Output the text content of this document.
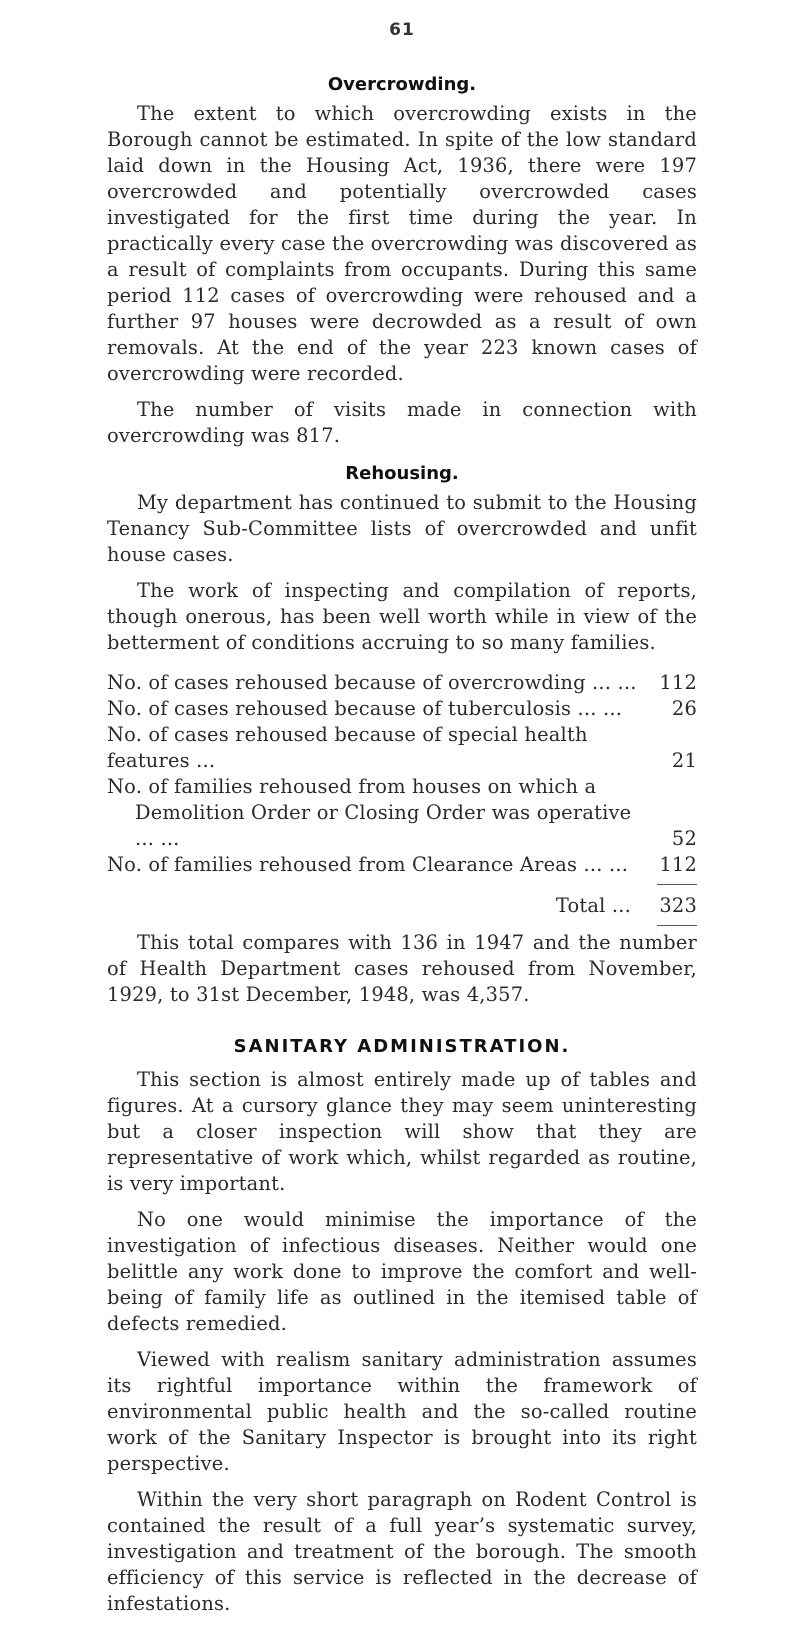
61
Overcrowding.

The extent to which overcrowding exists in the Borough cannot be estimated. In spite of the low standard laid down in the Housing Act, 1936, there were 197 overcrowded and potentially overcrowded cases investigated for the first time during the year. In practically every case the overcrowding was discovered as a result of complaints from occupants. During this same period 112 cases of overcrowding were rehoused and a further 97 houses were decrowded as a result of own removals. At the end of the year 223 known cases of overcrowding were recorded.

The number of visits made in connection with overcrowding was 817.

Rehousing.

My department has continued to submit to the Housing Tenancy Sub-Committee lists of overcrowded and unfit house cases.

The work of inspecting and compilation of reports, though onerous, has been well worth while in view of the betterment of conditions accruing to so many families.

No. of cases rehoused because of overcrowding ... ...	112
No. of cases rehoused because of tuberculosis ... ...	26
No. of cases rehoused because of special health features ...	21
No. of families rehoused from houses on which a Demolition Order or Closing Order was operative ... ...	52
No. of families rehoused from Clearance Areas ... ...	112
Total ...	323

This total compares with 136 in 1947 and the number of Health Department cases rehoused from November, 1929, to 31st December, 1948, was 4,357.

SANITARY ADMINISTRATION.

This section is almost entirely made up of tables and figures. At a cursory glance they may seem uninteresting but a closer inspection will show that they are representative of work which, whilst regarded as routine, is very important.

No one would minimise the importance of the investigation of infectious diseases. Neither would one belittle any work done to improve the comfort and well-being of family life as outlined in the itemised table of defects remedied.

Viewed with realism sanitary administration assumes its rightful importance within the framework of environmental public health and the so-called routine work of the Sanitary Inspector is brought into its right perspective.

Within the very short paragraph on Rodent Control is contained the result of a full year’s systematic survey, investigation and treatment of the borough. The smooth efficiency of this service is reflected in the decrease of infestations.
